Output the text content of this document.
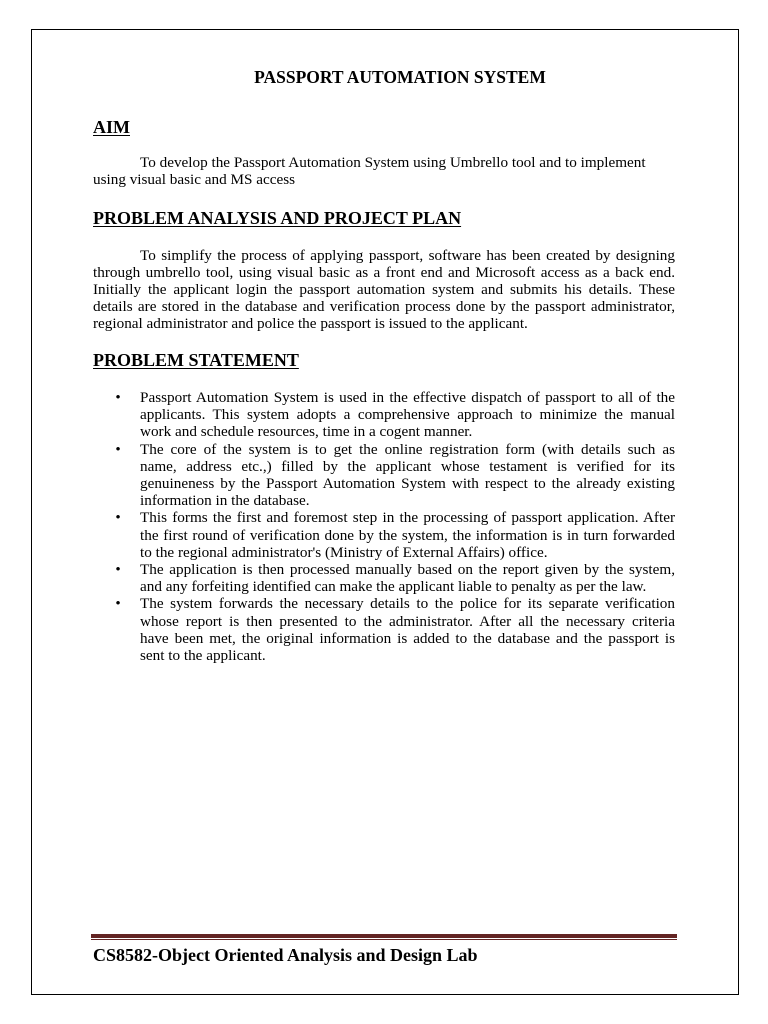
PASSPORT AUTOMATION SYSTEM
AIM
To develop the Passport Automation System using Umbrello tool and to implement
using visual basic and MS access
PROBLEM ANALYSIS AND PROJECT PLAN
To simplify the process of applying passport, software has been created by designing
through umbrello tool, using visual basic as a front end and Microsoft access as a back end.
Initially the applicant login the passport automation system and submits his details. These
details are stored in the database and verification process done by the passport administrator,
regional administrator and police the passport is issued to the applicant.
PROBLEM STATEMENT
• Passport Automation System is used in the effective dispatch of passport to all of the
applicants. This system adopts a comprehensive approach to minimize the manual
work and schedule resources, time in a cogent manner.
• The core of the system is to get the online registration form (with details such as
name, address etc.,) filled by the applicant whose testament is verified for its
genuineness by the Passport Automation System with respect to the already existing
information in the database.
• This forms the first and foremost step in the processing of passport application. After
the first round of verification done by the system, the information is in turn forwarded
to the regional administrator's (Ministry of External Affairs) office.
• The application is then processed manually based on the report given by the system,
and any forfeiting identified can make the applicant liable to penalty as per the law.
• The system forwards the necessary details to the police for its separate verification
whose report is then presented to the administrator. After all the necessary criteria
have been met, the original information is added to the database and the passport is
sent to the applicant.
CS8582-Object Oriented Analysis and Design Lab
